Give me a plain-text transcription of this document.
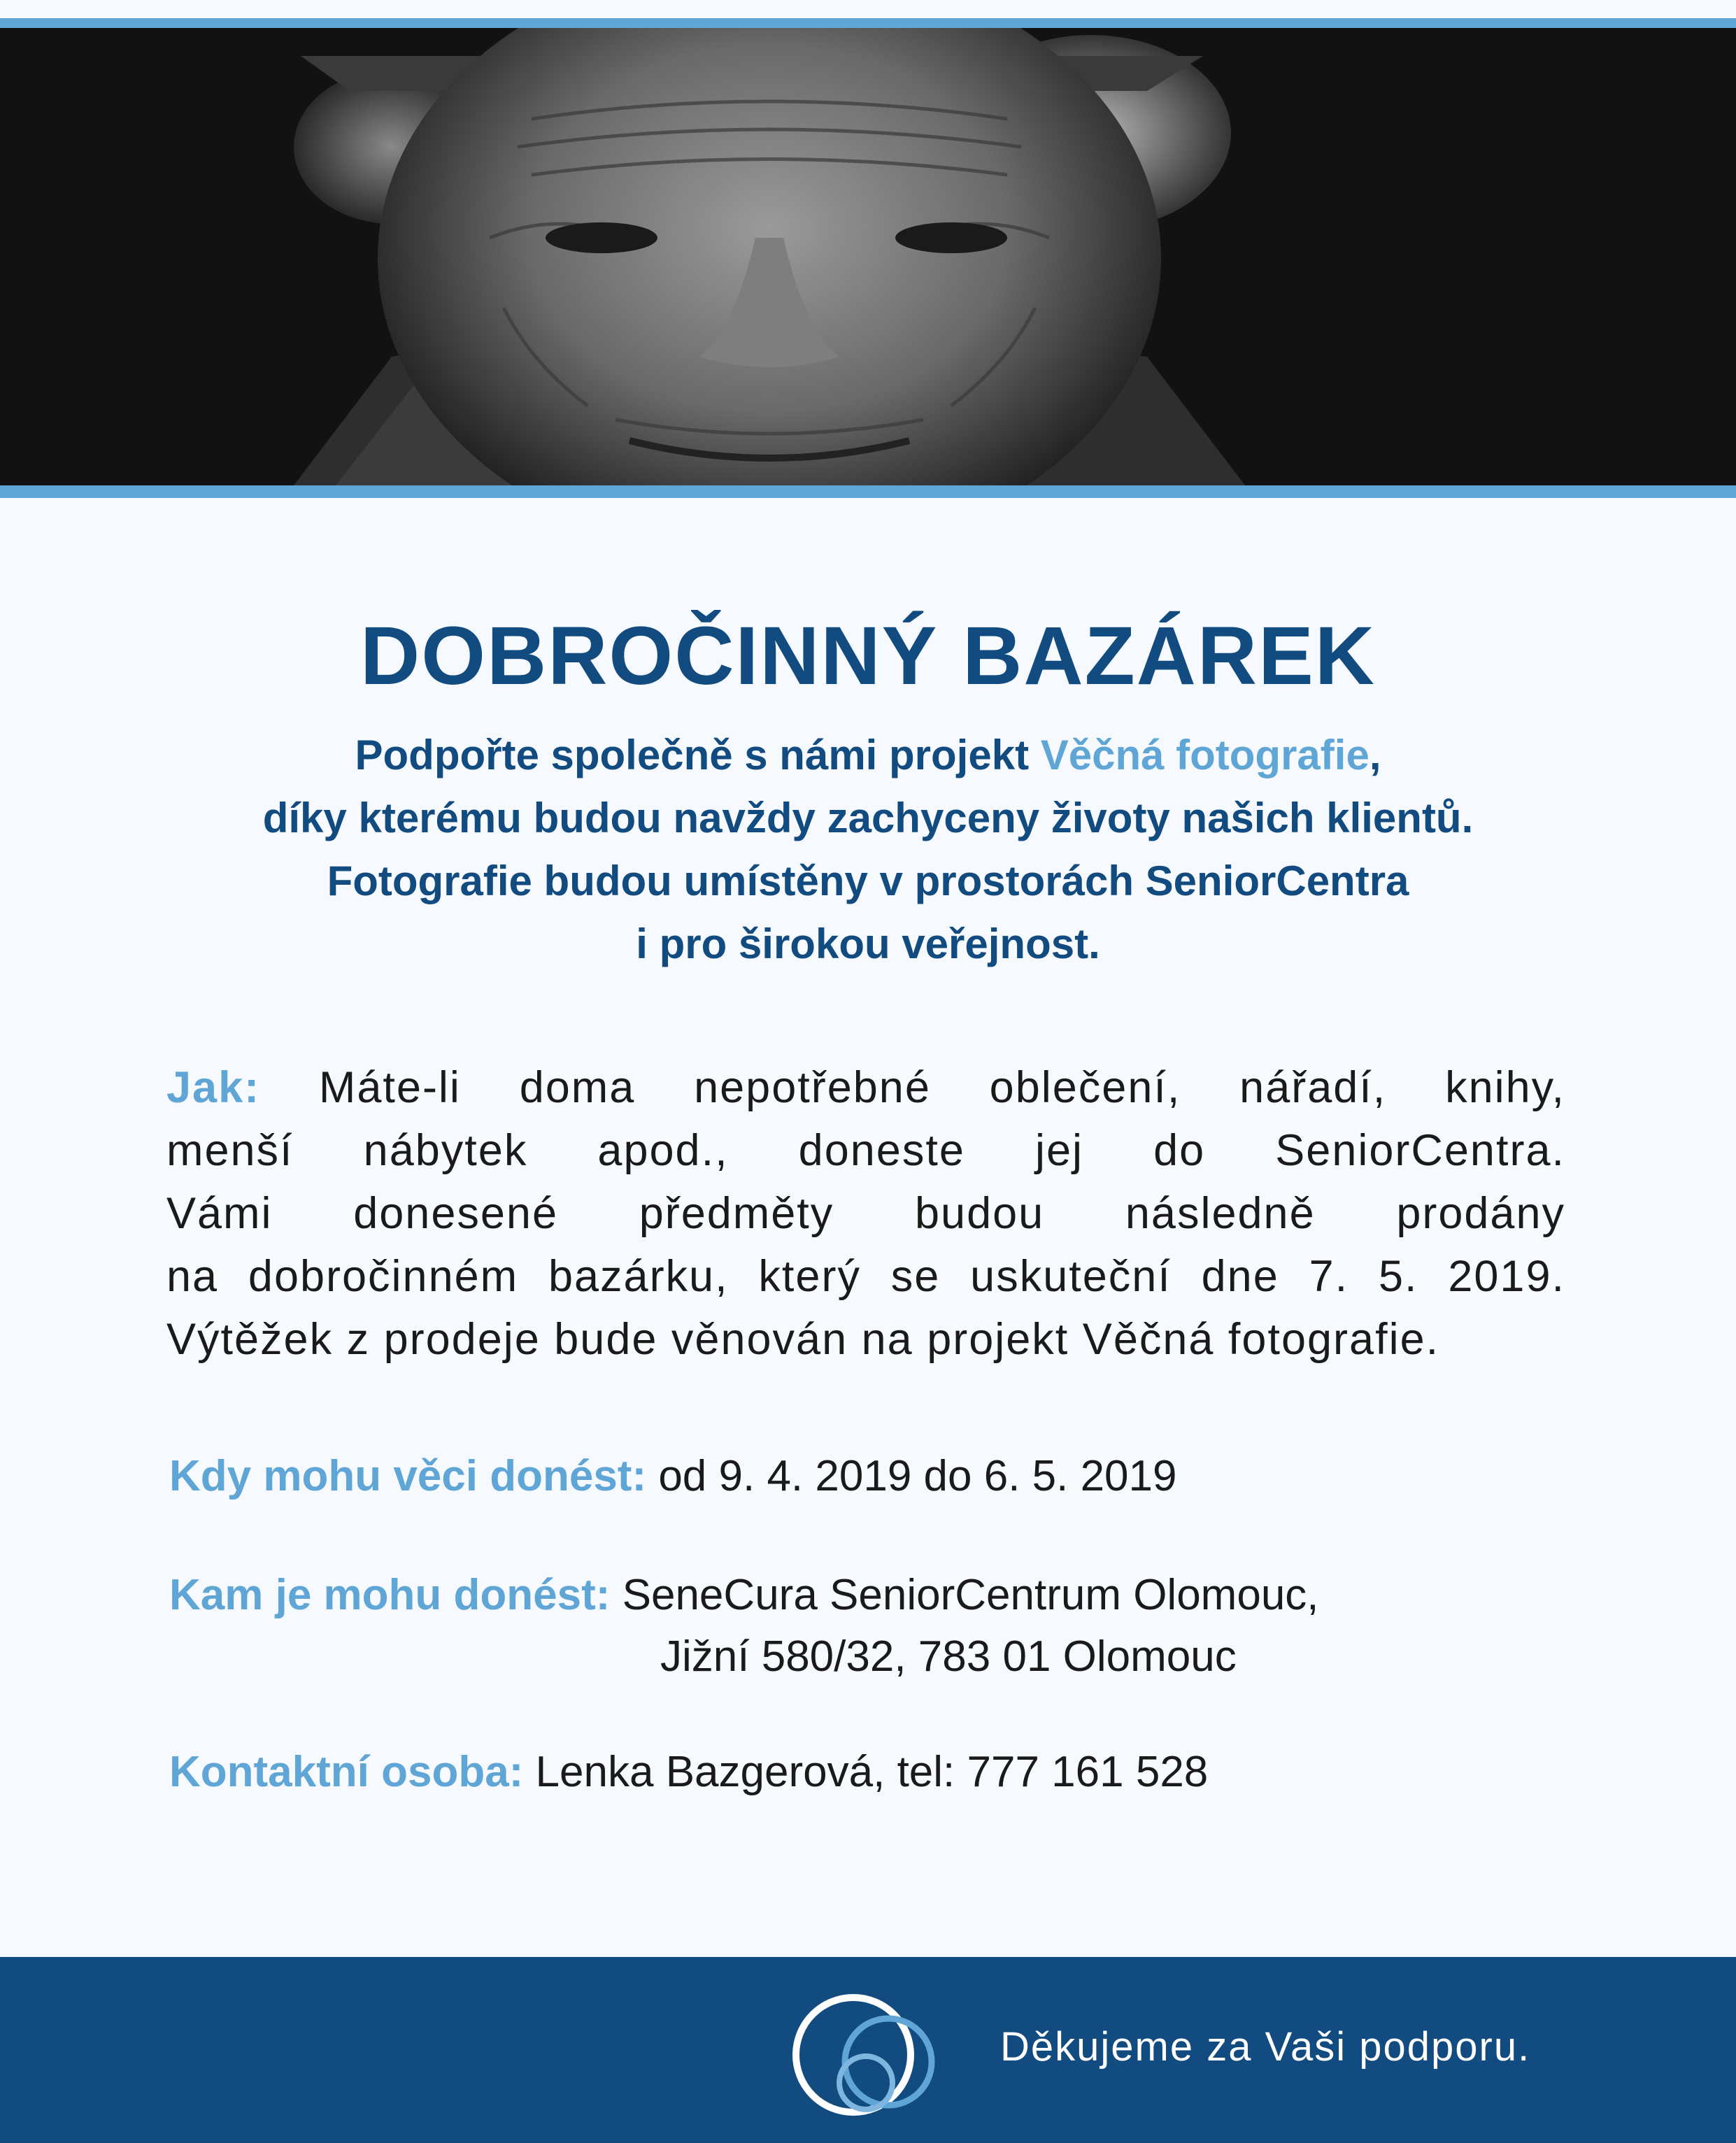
DOBROČINNÝ BAZÁREK
Podpořte společně s námi projekt Věčná fotografie,
díky kterému budou navždy zachyceny životy našich klientů.
Fotografie budou umístěny v prostorách SeniorCentra
i pro širokou veřejnost.
Jak: Máte-li doma nepotřebné oblečení, nářadí, knihy,
menší nábytek apod., doneste jej do SeniorCentra.
Vámi donesené předměty budou následně prodány
na dobročinném bazárku, který se uskuteční dne 7. 5. 2019.
Výtěžek z prodeje bude věnován na projekt Věčná fotografie.
Kdy mohu věci donést: od 9. 4. 2019 do 6. 5. 2019
Kam je mohu donést: SeneCura SeniorCentrum Olomouc,
Jižní 580/32, 783 01 Olomouc
Kontaktní osoba: Lenka Bazgerová, tel: 777 161 528
Děkujeme za Vaši podporu.
